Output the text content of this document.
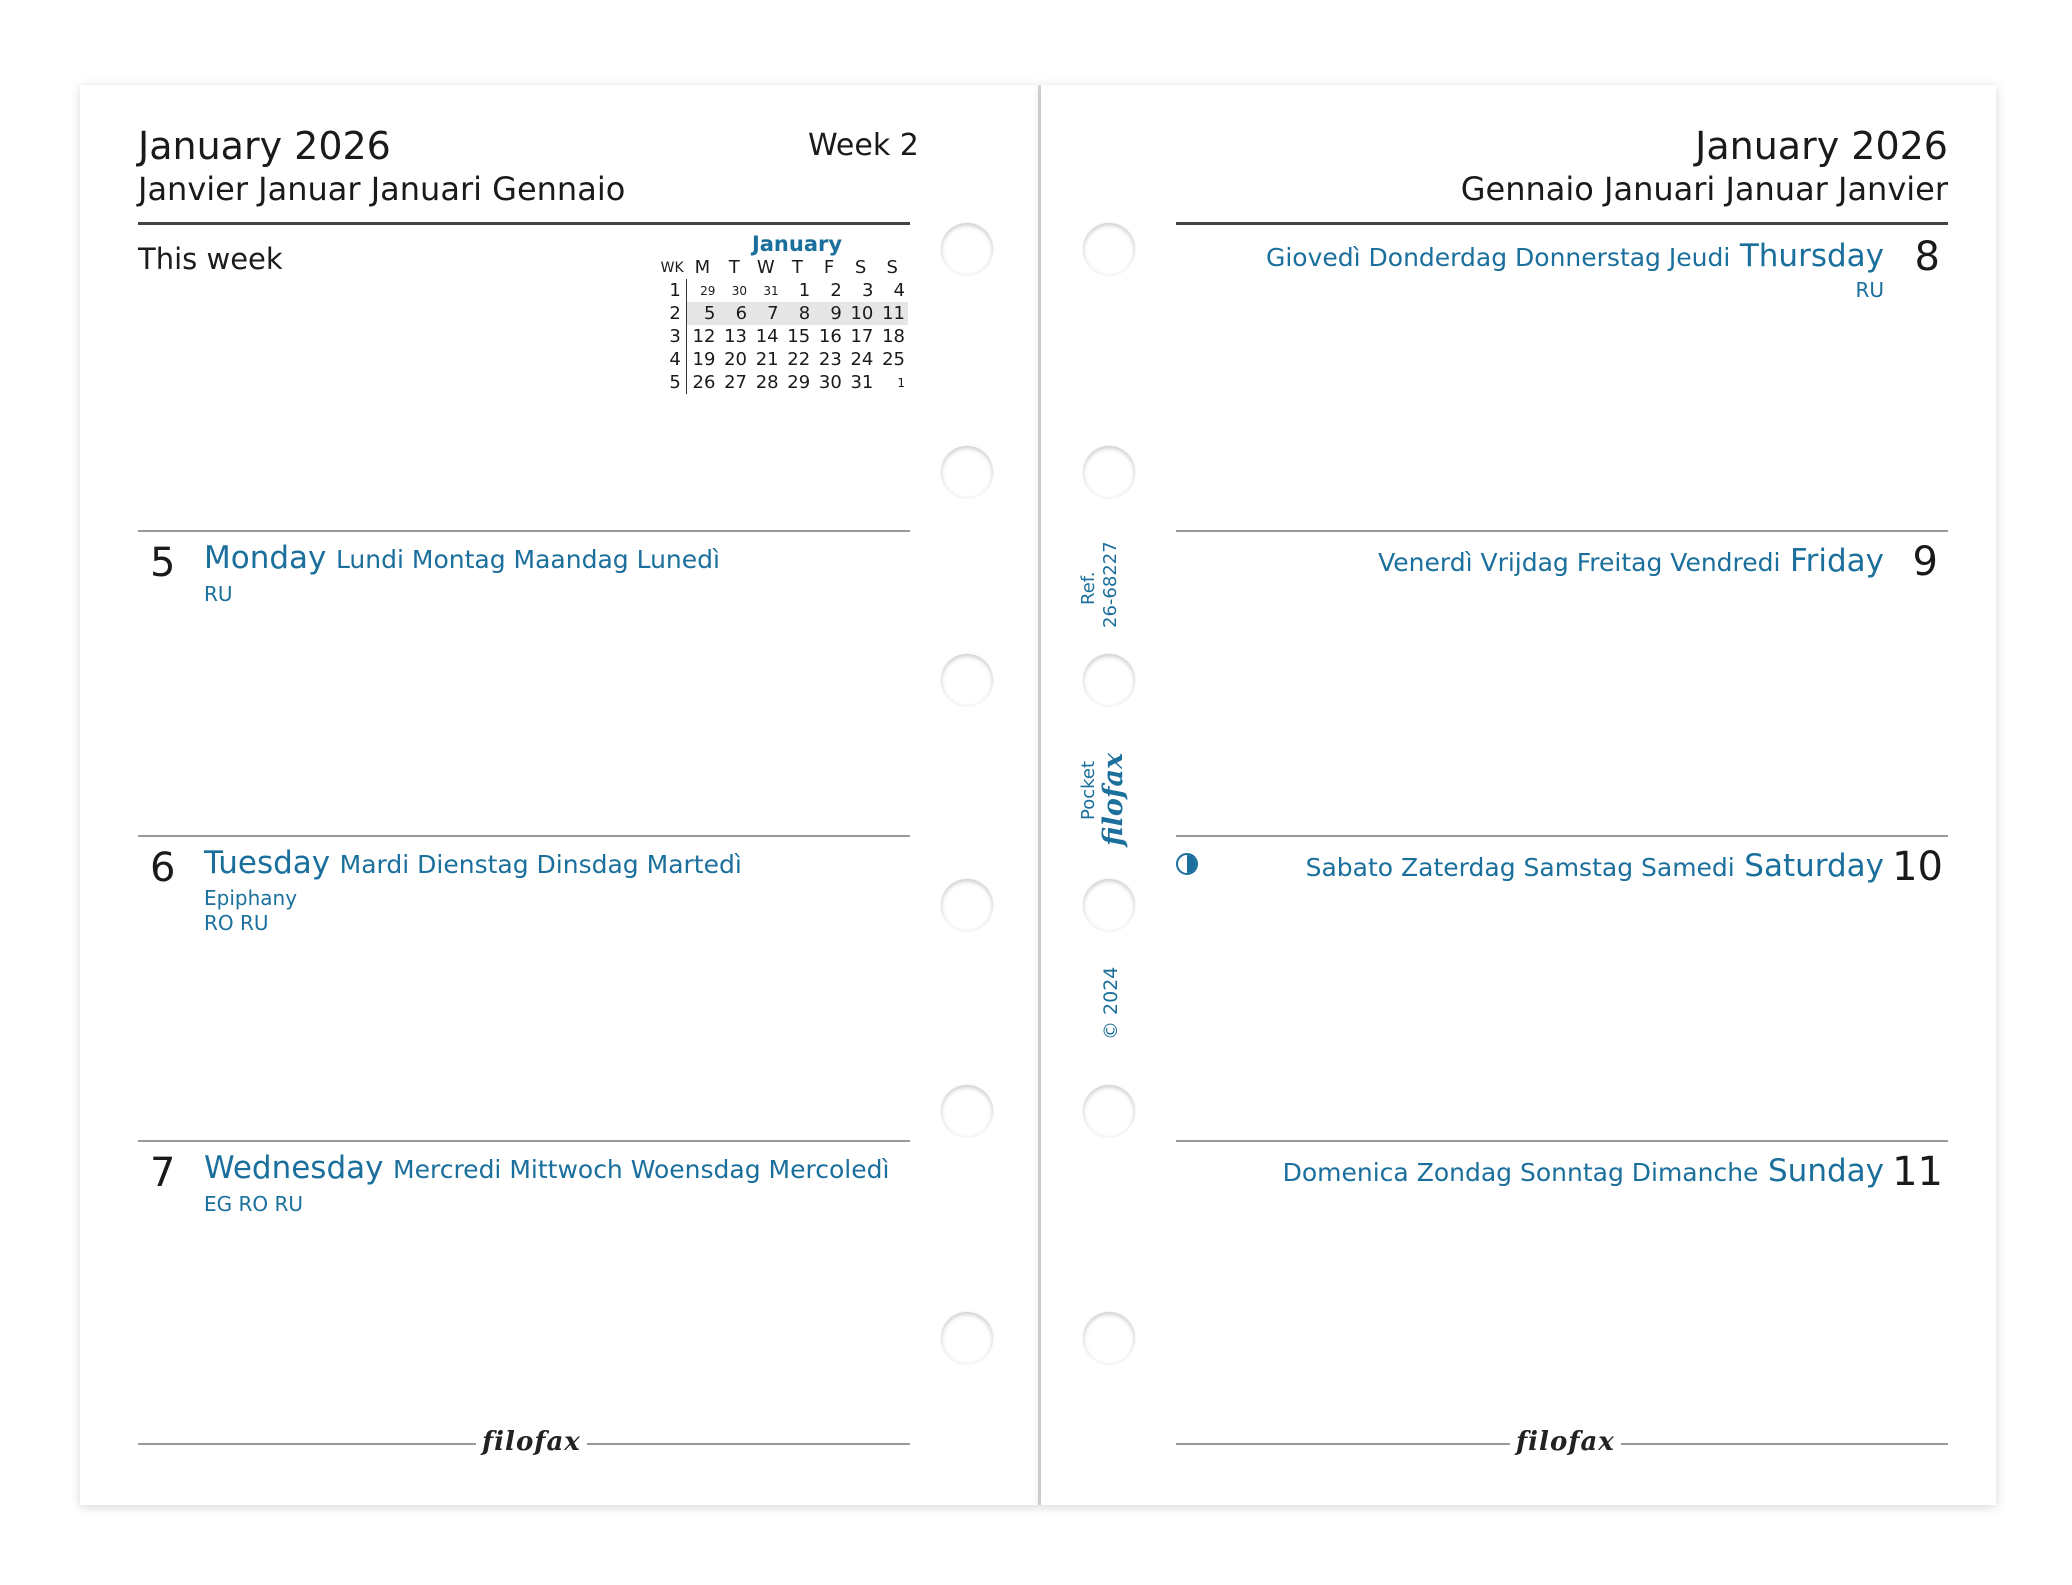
January 2026
Janvier Januar Januari Gennaio
Week 2
This week	January
WK	M	T	W	T	F	S	S
1	29	30	31	1	2	3	4
2	5	6	7	8	9	10	11
3	12	13	14	15	16	17	18
4	19	20	21	22	23	24	25
5	26	27	28	29	30	31	1
5 Monday Lundi Montag Maandag Lunedì
RU
6 Tuesday Mardi Dienstag Dinsdag Martedì
Epiphany
RO RU
7 Wednesday Mercredi Mittwoch Woensdag Mercoledì
EG RO RU
filofax
Ref. 26-68227
Pocket filofax
© 2024
January 2026
Gennaio Januari Januar Janvier
Giovedì Donderdag Donnerstag Jeudi Thursday 8
RU
Venerdì Vrijdag Freitag Vendredi Friday 9
Sabato Zaterdag Samstag Samedi Saturday 10
Domenica Zondag Sonntag Dimanche Sunday 11
filofax
